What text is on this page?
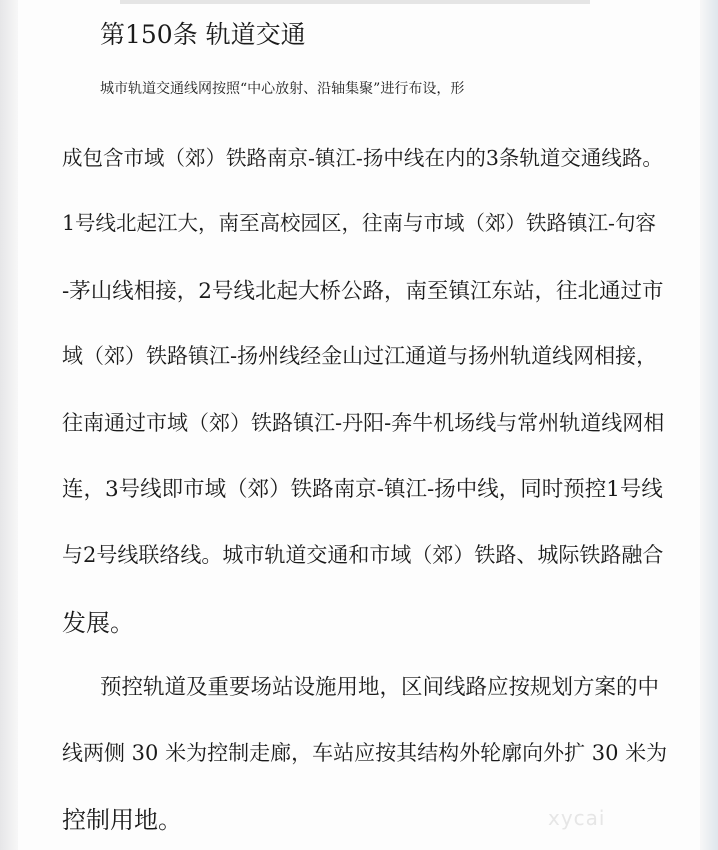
第150条 轨道交通
城市轨道交通线网按照“中心放射、沿轴集聚”进行布设，形
成包含市域（郊）铁路南京-镇江-扬中线在内的3条轨道交通线路。
1号线北起江大，南至高校园区，往南与市域（郊）铁路镇江-句容
-茅山线相接，2号线北起大桥公路，南至镇江东站，往北通过市
域（郊）铁路镇江-扬州线经金山过江通道与扬州轨道线网相接，
往南通过市域（郊）铁路镇江-丹阳-奔牛机场线与常州轨道线网相
连，3号线即市域（郊）铁路南京-镇江-扬中线，同时预控1号线
与2号线联络线。城市轨道交通和市域（郊）铁路、城际铁路融合
发展。
预控轨道及重要场站设施用地，区间线路应按规划方案的中
线两侧 30 米为控制走廊，车站应按其结构外轮廓向外扩 30 米为
控制用地。	xycai
